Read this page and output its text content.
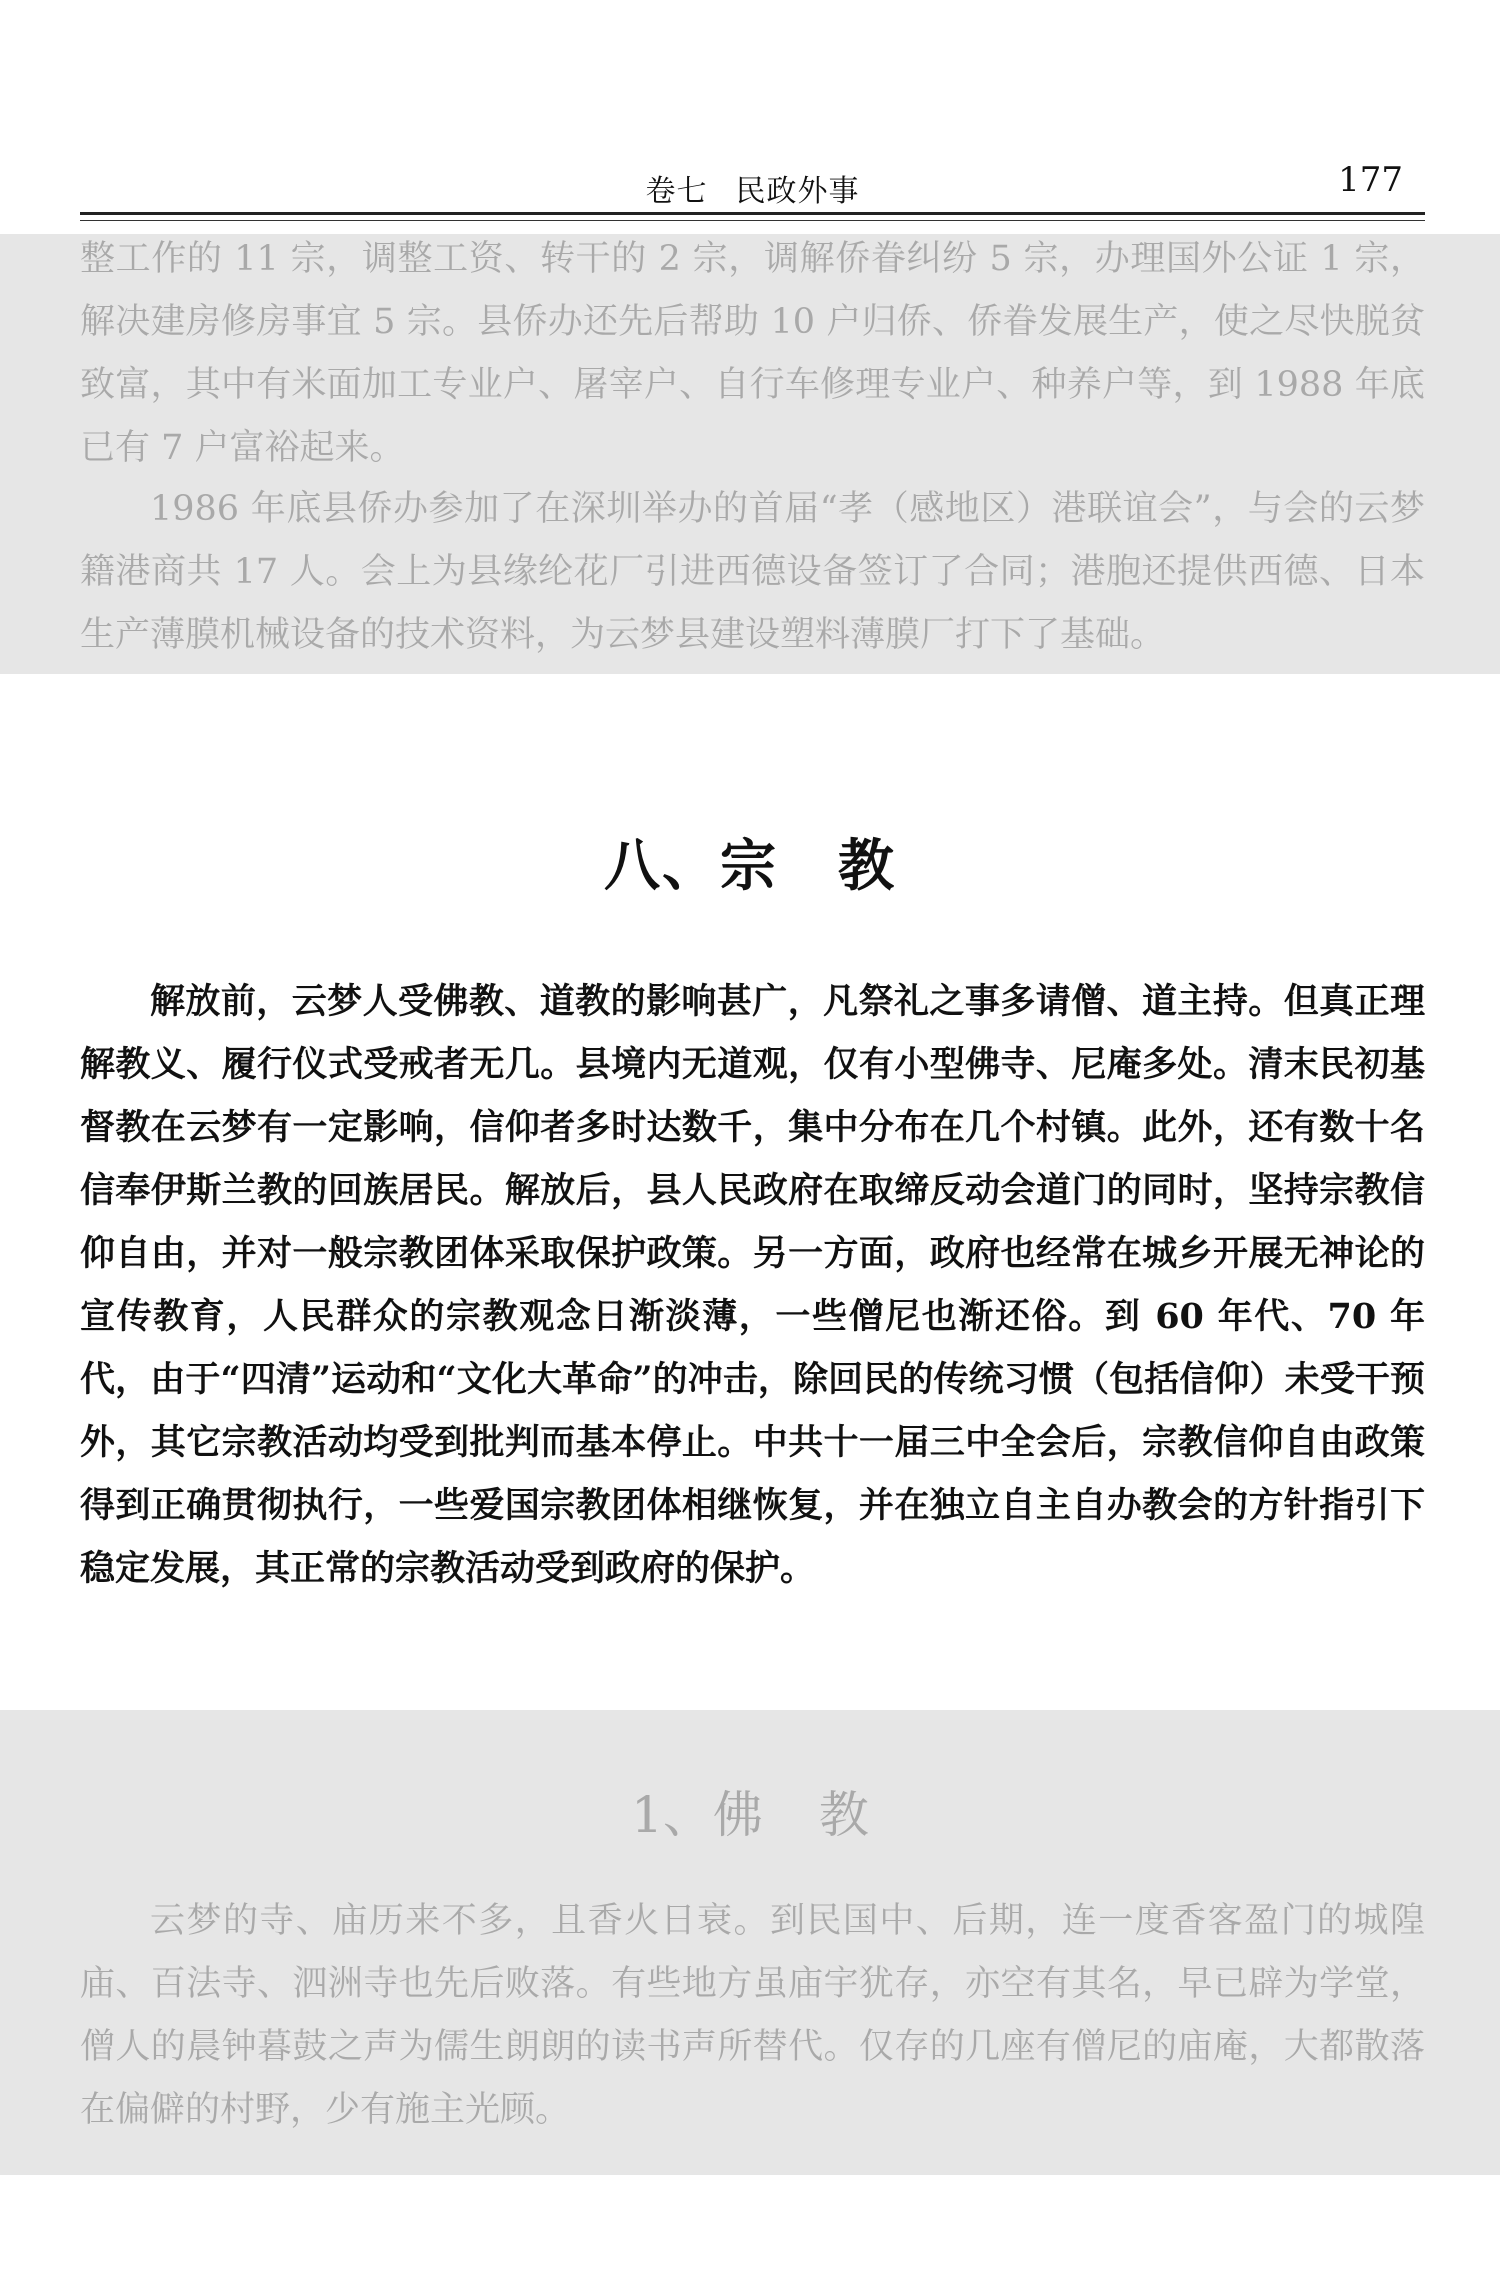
卷七 民政外事	177

整工作的 11 宗，调整工资、转干的 2 宗，调解侨眷纠纷 5 宗，办理国外公证 1 宗，解决建房修房事宜 5 宗。县侨办还先后帮助 10 户归侨、侨眷发展生产，使之尽快脱贫致富，其中有米面加工专业户、屠宰户、自行车修理专业户、种养户等，到 1988 年底已有 7 户富裕起来。

1986 年底县侨办参加了在深圳举办的首届“孝（感地区）港联谊会”，与会的云梦籍港商共 17 人。会上为县缘纶花厂引进西德设备签订了合同；港胞还提供西德、日本生产薄膜机械设备的技术资料，为云梦县建设塑料薄膜厂打下了基础。

八、宗 教

解放前，云梦人受佛教、道教的影响甚广，凡祭礼之事多请僧、道主持。但真正理解教义、履行仪式受戒者无几。县境内无道观，仅有小型佛寺、尼庵多处。清末民初基督教在云梦有一定影响，信仰者多时达数千，集中分布在几个村镇。此外，还有数十名信奉伊斯兰教的回族居民。解放后，县人民政府在取缔反动会道门的同时，坚持宗教信仰自由，并对一般宗教团体采取保护政策。另一方面，政府也经常在城乡开展无神论的宣传教育，人民群众的宗教观念日渐淡薄，一些僧尼也渐还俗。到 60 年代、70 年代，由于“四清”运动和“文化大革命”的冲击，除回民的传统习惯（包括信仰）未受干预外，其它宗教活动均受到批判而基本停止。中共十一届三中全会后，宗教信仰自由政策得到正确贯彻执行，一些爱国宗教团体相继恢复，并在独立自主自办教会的方针指引下稳定发展，其正常的宗教活动受到政府的保护。

1、佛 教

云梦的寺、庙历来不多，且香火日衰。到民国中、后期，连一度香客盈门的城隍庙、百法寺、泗洲寺也先后败落。有些地方虽庙宇犹存，亦空有其名，早已辟为学堂，僧人的晨钟暮鼓之声为儒生朗朗的读书声所替代。仅存的几座有僧尼的庙庵，大都散落在偏僻的村野，少有施主光顾。
